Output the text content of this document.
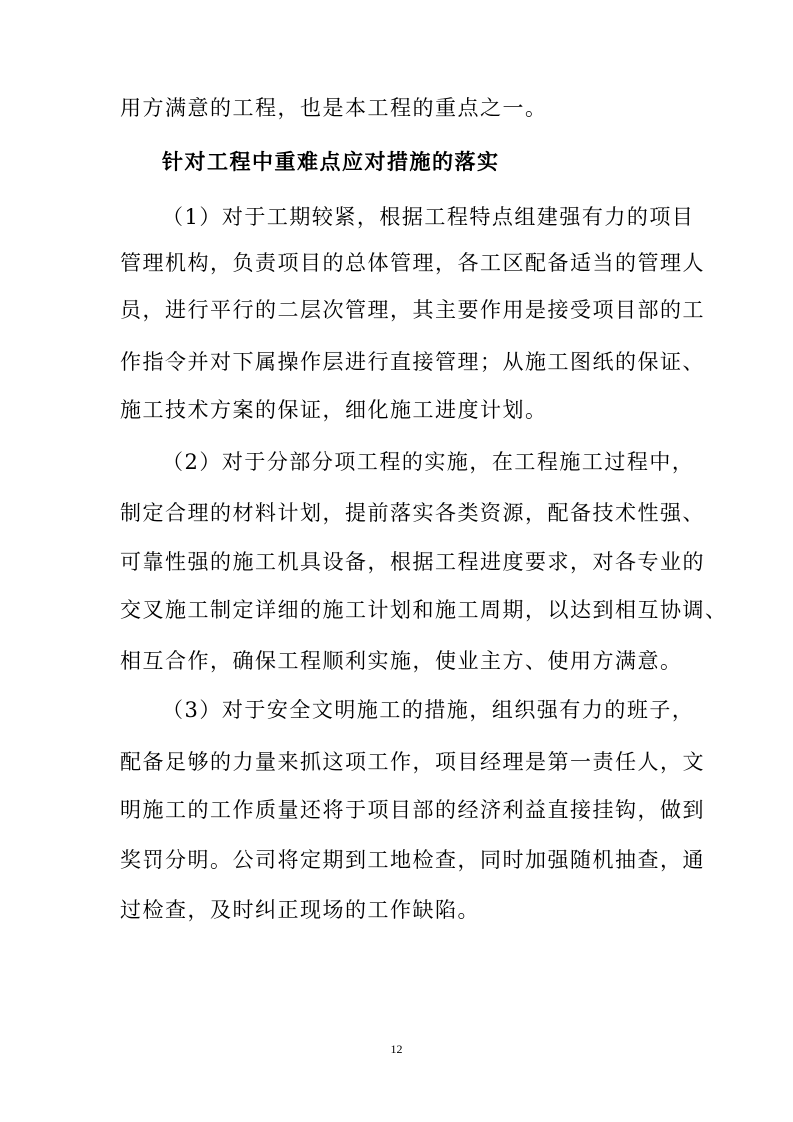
用方满意的工程，也是本工程的重点之一。
针对工程中重难点应对措施的落实
（1）对于工期较紧，根据工程特点组建强有力的项目
管理机构，负责项目的总体管理，各工区配备适当的管理人
员，进行平行的二层次管理，其主要作用是接受项目部的工
作指令并对下属操作层进行直接管理；从施工图纸的保证、
施工技术方案的保证，细化施工进度计划。
（2）对于分部分项工程的实施，在工程施工过程中，
制定合理的材料计划，提前落实各类资源，配备技术性强、
可靠性强的施工机具设备，根据工程进度要求，对各专业的
交叉施工制定详细的施工计划和施工周期，以达到相互协调、
相互合作，确保工程顺利实施，使业主方、使用方满意。
（3）对于安全文明施工的措施，组织强有力的班子，
配备足够的力量来抓这项工作，项目经理是第一责任人，文
明施工的工作质量还将于项目部的经济利益直接挂钩，做到
奖罚分明。公司将定期到工地检查，同时加强随机抽查，通
过检查，及时纠正现场的工作缺陷。
12
